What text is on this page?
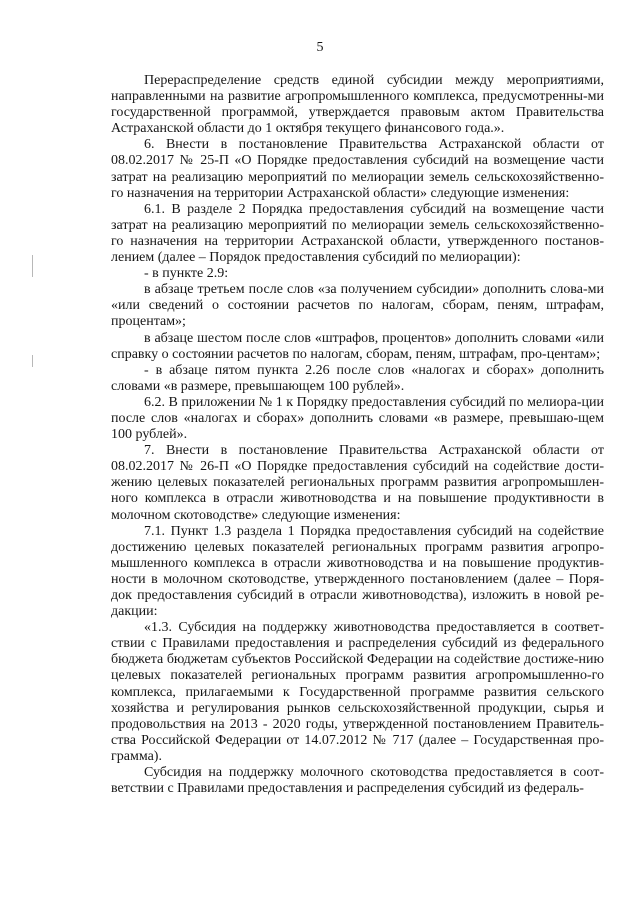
5

Перераспределение средств единой субсидии между мероприятиями, направленными на развитие агропромышленного комплекса, предусмотренны-ми государственной программой, утверждается правовым актом Правительства Астраханской области до 1 октября текущего финансового года.».

6. Внести в постановление Правительства Астраханской области от 08.02.2017 № 25-П «О Порядке предоставления субсидий на возмещение части затрат на реализацию мероприятий по мелиорации земель сельскохозяйственно-го назначения на территории Астраханской области» следующие изменения:

6.1. В разделе 2 Порядка предоставления субсидий на возмещение части затрат на реализацию мероприятий по мелиорации земель сельскохозяйственно-го назначения на территории Астраханской области, утвержденного постанов-лением (далее – Порядок предоставления субсидий по мелиорации):

- в пункте 2.9:

в абзаце третьем после слов «за получением субсидии» дополнить слова-ми «или сведений о состоянии расчетов по налогам, сборам, пеням, штрафам, процентам»;

в абзаце шестом после слов «штрафов, процентов» дополнить словами «или справку о состоянии расчетов по налогам, сборам, пеням, штрафам, про-центам»;

- в абзаце пятом пункта 2.26 после слов «налогах и сборах» дополнить словами «в размере, превышающем 100 рублей».

6.2. В приложении № 1 к Порядку предоставления субсидий по мелиора-ции после слов «налогах и сборах» дополнить словами «в размере, превышаю-щем 100 рублей».

7. Внести в постановление Правительства Астраханской области от 08.02.2017 № 26-П «О Порядке предоставления субсидий на содействие дости-жению целевых показателей региональных программ развития агропромышлен-ного комплекса в отрасли животноводства и на повышение продуктивности в молочном скотоводстве» следующие изменения:

7.1. Пункт 1.3 раздела 1 Порядка предоставления субсидий на содействие достижению целевых показателей региональных программ развития агропро-мышленного комплекса в отрасли животноводства и на повышение продуктив-ности в молочном скотоводстве, утвержденного постановлением (далее – Поря-док предоставления субсидий в отрасли животноводства), изложить в новой ре-дакции:

«1.3. Субсидия на поддержку животноводства предоставляется в соответ-ствии с Правилами предоставления и распределения субсидий из федерального бюджета бюджетам субъектов Российской Федерации на содействие достиже-нию целевых показателей региональных программ развития агропромышленно-го комплекса, прилагаемыми к Государственной программе развития сельского хозяйства и регулирования рынков сельскохозяйственной продукции, сырья и продовольствия на 2013 - 2020 годы, утвержденной постановлением Правитель-ства Российской Федерации от 14.07.2012 № 717 (далее – Государственная про-грамма).

Субсидия на поддержку молочного скотоводства предоставляется в соот-ветствии с Правилами предоставления и распределения субсидий из федераль-
